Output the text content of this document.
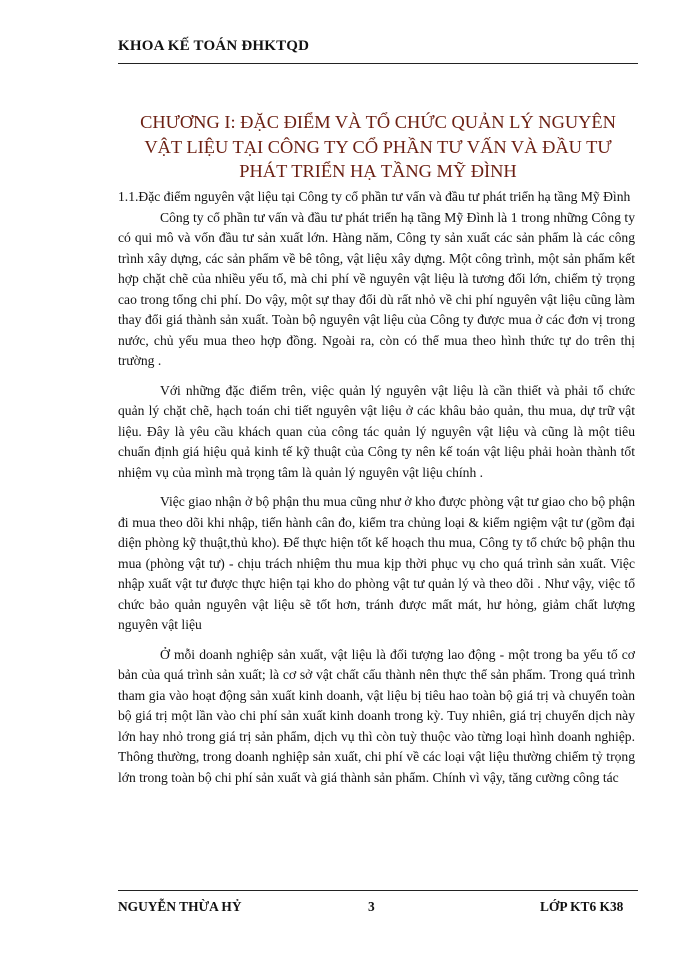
KHOA KẾ TOÁN ĐHKTQD
CHƯƠNG I: ĐẶC ĐIỂM VÀ TỔ CHỨC QUẢN LÝ NGUYÊN
VẬT LIỆU TẠI CÔNG TY CỔ PHẦN TƯ VẤN VÀ ĐẦU TƯ
PHÁT TRIỂN HẠ TẦNG MỸ ĐÌNH

1.1.Đặc điểm nguyên vật liệu tại Công ty cổ phần tư vấn và đầu tư phát triển hạ tầng Mỹ Đình

Công ty cổ phần tư vấn và đầu tư phát triển hạ tầng Mỹ Đình là 1 trong những Công ty có qui mô và vốn đầu tư sản xuất lớn. Hàng năm, Công ty sản xuất các sản phẩm là các công trình xây dựng, các sản phẩm về bê tông, vật liệu xây dựng. Một công trình, một sản phẩm kết hợp chặt chẽ của nhiều yếu tố, mà chi phí về nguyên vật liệu là tương đối lớn, chiếm tỷ trọng cao trong tổng chi phí. Do vậy, một sự thay đổi dù rất nhỏ về chi phí nguyên vật liệu cũng làm thay đổi giá thành sản xuất. Toàn bộ nguyên vật liệu của Công ty được mua ở các đơn vị trong nước, chủ yếu mua theo hợp đồng. Ngoài ra, còn có thể mua theo hình thức tự do trên thị trường .

Với những đặc điểm trên, việc quản lý nguyên vật liệu là cần thiết và phải tổ chức quản lý chặt chẽ, hạch toán chi tiết nguyên vật liệu ở các khâu bảo quản, thu mua, dự trữ vật liệu. Đây là yêu cầu khách quan của công tác quản lý nguyên vật liệu và cũng là một tiêu chuẩn định giá hiệu quả kinh tế kỹ thuật của Công ty nên kế toán vật liệu phải hoàn thành tốt nhiệm vụ của mình mà trọng tâm là quản lý nguyên vật liệu chính .

Việc giao nhận ở bộ phận thu mua cũng như ở kho được phòng vật tư giao cho bộ phận đi mua theo dõi khi nhập, tiến hành cân đo, kiểm tra chủng loại & kiểm ngiệm vật tư (gồm đại diện phòng kỹ thuật,thủ kho). Để thực hiện tốt kế hoạch thu mua, Công ty tổ chức bộ phận thu mua (phòng vật tư) - chịu trách nhiệm thu mua kịp thời phục vụ cho quá trình sản xuất. Việc nhập xuất vật tư được thực hiện tại kho do phòng vật tư quản lý và theo dõi . Như vậy, việc tổ chức bảo quản nguyên vật liệu sẽ tốt hơn, tránh được mất mát, hư hỏng, giảm chất lượng nguyên vật liệu

Ở mỗi doanh nghiệp sản xuất, vật liệu là đối tượng lao động - một trong ba yếu tố cơ bản của quá trình sản xuất; là cơ sở vật chất cấu thành nên thực thể sản phẩm. Trong quá trình tham gia vào hoạt động sản xuất kinh doanh, vật liệu bị tiêu hao toàn bộ giá trị và chuyển toàn bộ giá trị một lần vào chi phí sản xuất kinh doanh trong kỳ. Tuy nhiên, giá trị chuyển dịch này lớn hay nhỏ trong giá trị sản phẩm, dịch vụ thì còn tuỳ thuộc vào từng loại hình doanh nghiệp. Thông thường, trong doanh nghiệp sản xuất, chi phí về các loại vật liệu thường chiếm tỷ trọng lớn trong toàn bộ chi phí sản xuất và giá thành sản phẩm. Chính vì vậy, tăng cường công tác

NGUYỄN THỪA HỶ	3	LỚP KT6 K38
